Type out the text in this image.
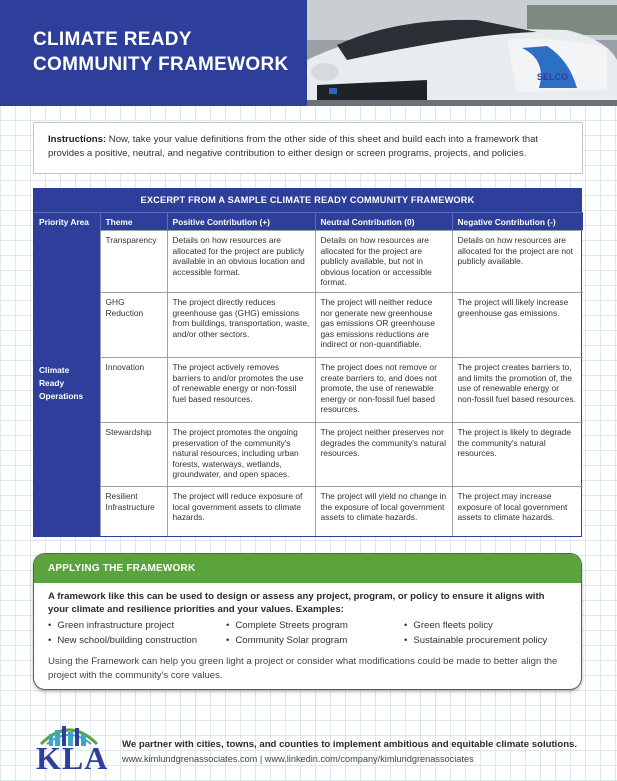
CLIMATE READY
COMMUNITY FRAMEWORK
SELCO
Instructions: Now, take your value definitions from the other side of this sheet and build each into a framework that provides a positive, neutral, and negative contribution to either design or screen programs, projects, and policies.
EXCERPT FROM A SAMPLE CLIMATE READY COMMUNITY FRAMEWORK
Priority Area	Theme	Positive Contribution (+)	Neutral Contribution (0)	Negative Contribution (-)

Climate
Ready
Operations	Transparency	Details on how resources are allocated for the project are publicly available in an obvious location and accessible format.	Details on how resources are allocated for the project are publicly available, but not in obvious location or accessible format.	Details on how resources are allocated for the project are not publicly available.
	GHG Reduction	The project directly reduces greenhouse gas (GHG) emissions from buildings, transportation, waste, and/or other sectors.	The project will neither reduce nor generate new greenhouse gas emissions OR greenhouse gas emissions reductions are indirect or non-quantifiable.	The project will likely increase greenhouse gas emissions.
	Innovation	The project actively removes barriers to and/or promotes the use of renewable energy or non-fossil fuel based resources.	The project does not remove or create barriers to, and does not promote, the use of renewable energy or non-fossil fuel based resources.	The project creates barriers to, and limits the promotion of, the use of renewable energy or non-fossil fuel based resources.
	Stewardship	The project promotes the ongoing preservation of the community's natural resources, including urban forests, waterways, wetlands, groundwater, and open spaces.	The project neither preserves nor degrades the community's natural resources.	The project is likely to degrade the community's natural resources.
	Resilient Infrastructure	The project will reduce exposure of local government assets to climate hazards.	The project will yield no change in the exposure of local government assets to climate hazards.	The project may increase exposure of local government assets to climate hazards.
APPLYING THE FRAMEWORK
A framework like this can be used to design or assess any project, program, or policy to ensure it aligns with your climate and resilience priorities and your values. Examples:
• Green infrastructure project
• New school/building construction
• Complete Streets program
• Community Solar program
• Green fleets policy
• Sustainable procurement policy
Using the Framework can help you green light a project or consider what modifications could be made to better align the project with the community's core values.
KLA We partner with cities, towns, and counties to implement ambitious and equitable climate solutions.
www.kimlundgrenassociates.com | www.linkedin.com/company/kimlundgrenassociates
